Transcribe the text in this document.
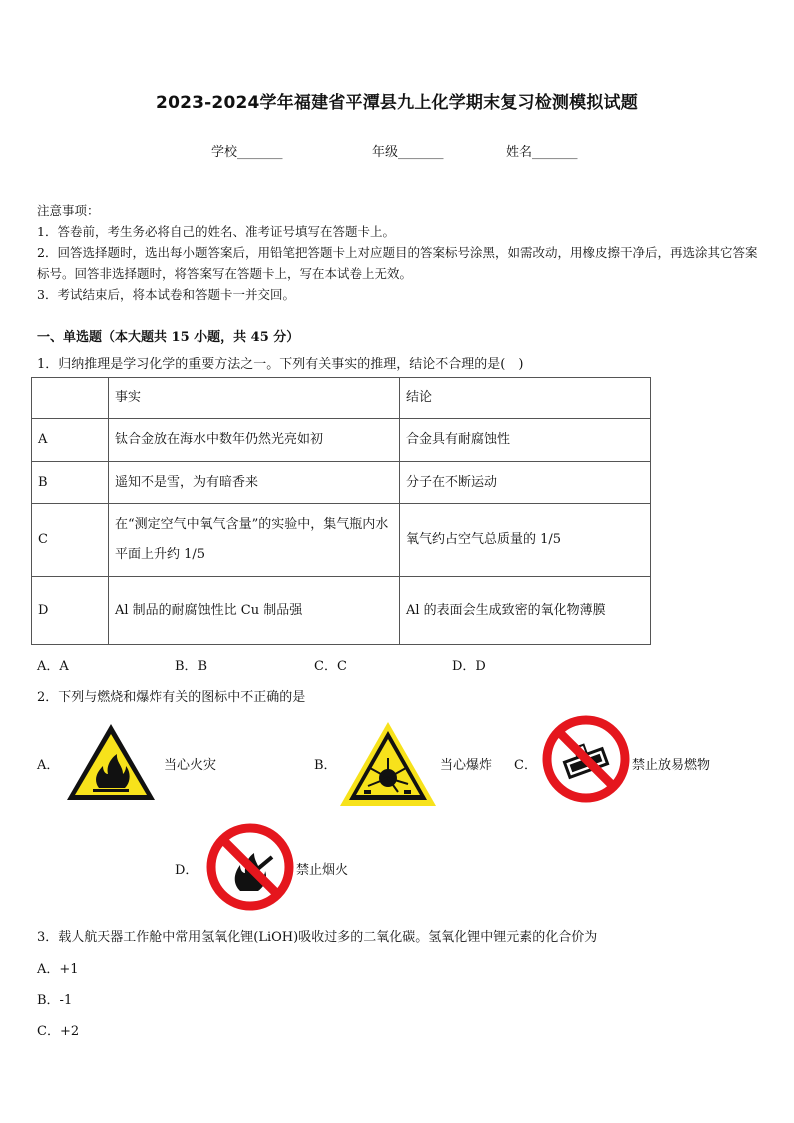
2023-2024学年福建省平潭县九上化学期末复习检测模拟试题
学校_______	年级_______	姓名_______
注意事项：
1．答卷前，考生务必将自己的姓名、准考证号填写在答题卡上。
2．回答选择题时，选出每小题答案后，用铅笔把答题卡上对应题目的答案标号涂黑，如需改动，用橡皮擦干净后，再选涂其它答案标号。回答非选择题时，将答案写在答题卡上，写在本试卷上无效。
3．考试结束后，将本试卷和答题卡一并交回。
一、单选题（本大题共 15 小题，共 45 分）
1．归纳推理是学习化学的重要方法之一。下列有关事实的推理，结论不合理的是(　)
	事实	结论
A	钛合金放在海水中数年仍然光亮如初	合金具有耐腐蚀性
B	遥知不是雪，为有暗香来	分子在不断运动
C	在“测定空气中氧气含量”的实验中，集气瓶内水平面上升约 1/5	氧气约占空气总质量的 1/5
D	Al 制品的耐腐蚀性比 Cu 制品强	Al 的表面会生成致密的氧化物薄膜
A．A	B．B	C．C	D．D
2．下列与燃烧和爆炸有关的图标中不正确的是
A．	当心火灾	B．	当心爆炸 C．	禁止放易燃物
D．	禁止烟火
3．载人航天器工作舱中常用氢氧化锂(LiOH)吸收过多的二氧化碳。氢氧化锂中锂元素的化合价为
A．+1
B．-1
C．+2
